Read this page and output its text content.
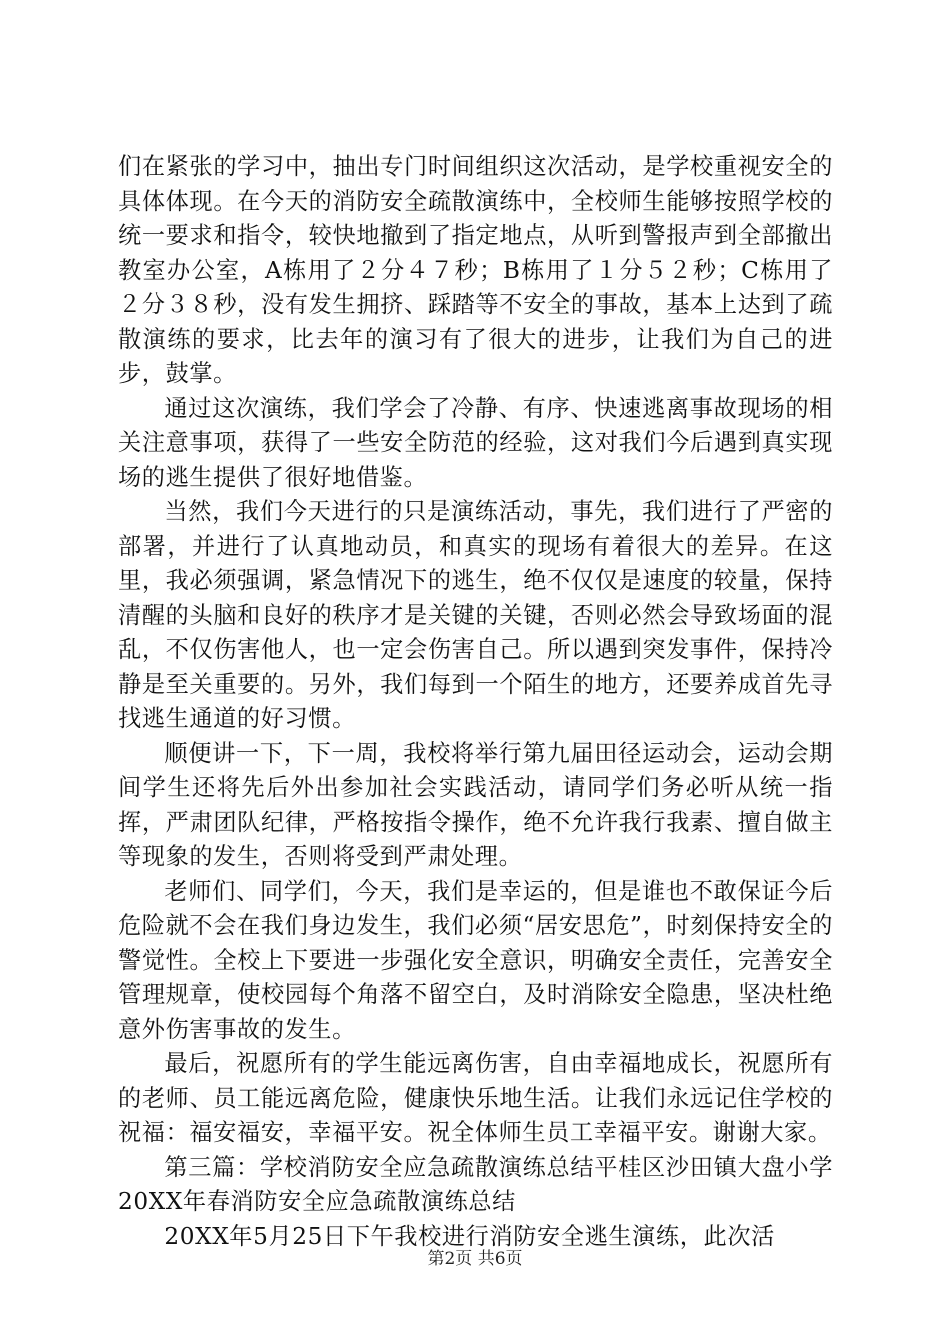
们在紧张的学习中，抽出专门时间组织这次活动，是学校重视安全的具体体现。在今天的消防安全疏散演练中，全校师生能够按照学校的统一要求和指令，较快地撤到了指定地点，从听到警报声到全部撤出教室办公室，A栋用了２分４７秒；B栋用了１分５２秒；C栋用了２分３８秒，没有发生拥挤、踩踏等不安全的事故，基本上达到了疏散演练的要求，比去年的演习有了很大的进步，让我们为自己的进步，鼓掌。

通过这次演练，我们学会了冷静、有序、快速逃离事故现场的相关注意事项，获得了一些安全防范的经验，这对我们今后遇到真实现场的逃生提供了很好地借鉴。

当然，我们今天进行的只是演练活动，事先，我们进行了严密的部署，并进行了认真地动员，和真实的现场有着很大的差异。在这里，我必须强调，紧急情况下的逃生，绝不仅仅是速度的较量，保持清醒的头脑和良好的秩序才是关键的关键，否则必然会导致场面的混乱，不仅伤害他人，也一定会伤害自己。所以遇到突发事件，保持冷静是至关重要的。另外，我们每到一个陌生的地方，还要养成首先寻找逃生通道的好习惯。

顺便讲一下，下一周，我校将举行第九届田径运动会，运动会期间学生还将先后外出参加社会实践活动，请同学们务必听从统一指挥，严肃团队纪律，严格按指令操作，绝不允许我行我素、擅自做主等现象的发生，否则将受到严肃处理。

老师们、同学们，今天，我们是幸运的，但是谁也不敢保证今后危险就不会在我们身边发生，我们必须“居安思危”，时刻保持安全的警觉性。全校上下要进一步强化安全意识，明确安全责任，完善安全管理规章，使校园每个角落不留空白，及时消除安全隐患，坚决杜绝意外伤害事故的发生。

最后，祝愿所有的学生能远离伤害，自由幸福地成长，祝愿所有的老师、员工能远离危险，健康快乐地生活。让我们永远记住学校的祝福：福安福安，幸福平安。祝全体师生员工幸福平安。谢谢大家。

第三篇：学校消防安全应急疏散演练总结平桂区沙田镇大盘小学20XX年春消防安全应急疏散演练总结

20XX年5月25日下午我校进行消防安全逃生演练，此次活

第2页 共6页
